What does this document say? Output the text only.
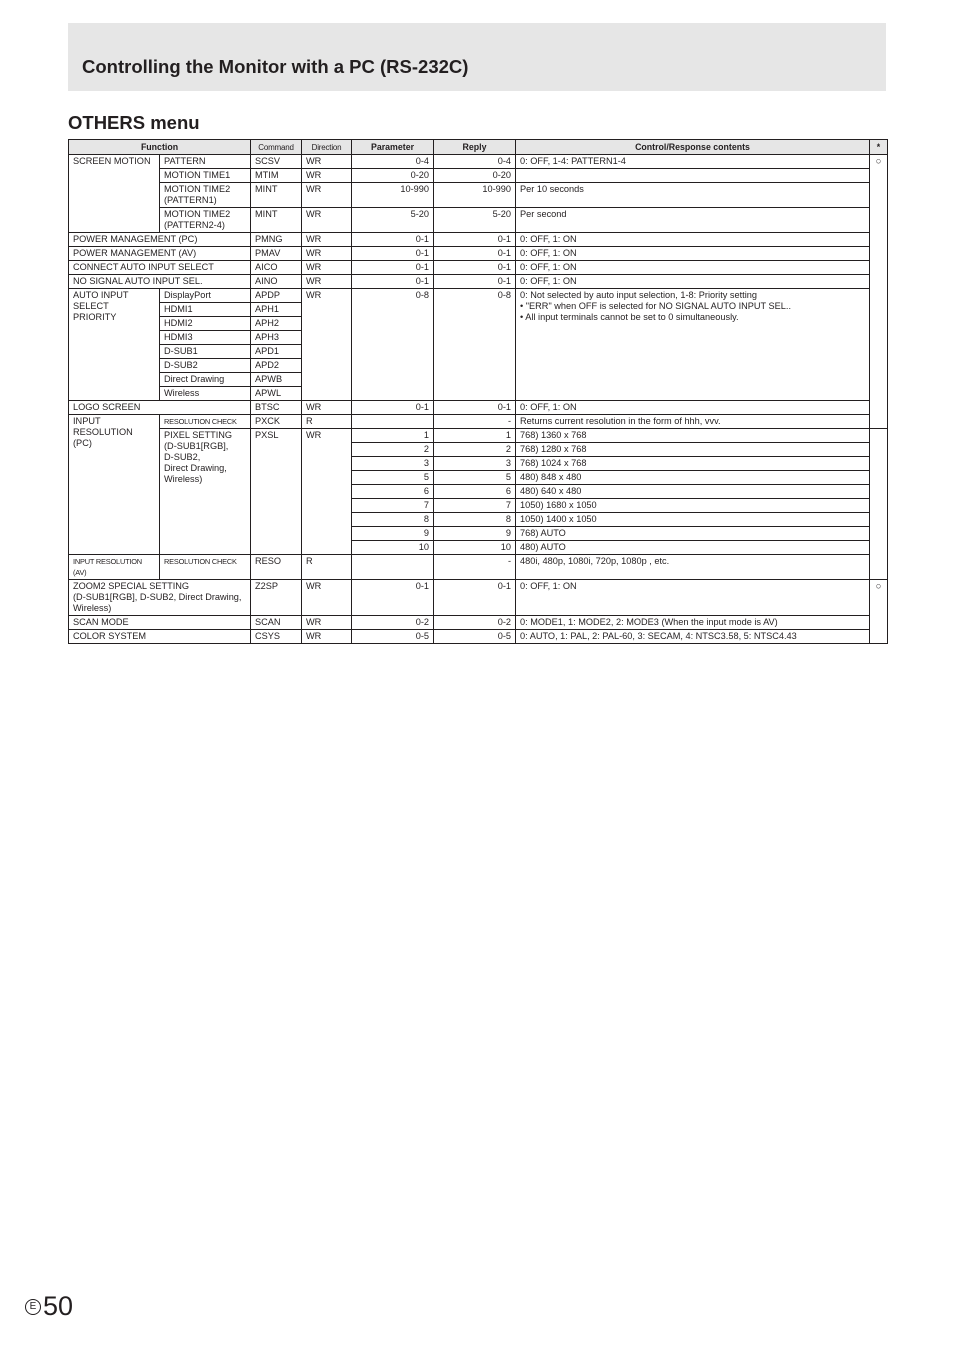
Controlling the Monitor with a PC (RS-232C)
OTHERS menu
Function		Command	Direction	Parameter	Reply	Control/Response contents	*	
SCREEN MOTION	PATTERN	SCSV	WR	0-4	0-4	0: OFF, 1-4: PATTERN1-4	○	
	MOTION TIME1	MTIM	WR	0-20	0-20			
	MOTION TIME2 (PATTERN1)	MINT	WR	10-990	10-990	Per 10 seconds		
	MOTION TIME2 (PATTERN2-4)	MINT	WR	5-20	5-20	Per second		
POWER MANAGEMENT (PC)		PMNG	WR	0-1	0-1	0: OFF, 1: ON		
POWER MANAGEMENT (AV)		PMAV	WR	0-1	0-1	0: OFF, 1: ON		
CONNECT AUTO INPUT SELECT		AICO	WR	0-1	0-1	0: OFF, 1: ON		
NO SIGNAL AUTO INPUT SEL.		AINO	WR	0-1	0-1	0: OFF, 1: ON		
AUTO INPUT SELECT PRIORITY	DisplayPort	APDP	WR	0-8	0-8	0: Not selected by auto input selection, 1-8: Priority setting
• "ERR" when OFF is selected for NO SIGNAL AUTO INPUT SEL..
• All input terminals cannot be set to 0 simultaneously.		

	HDMI1	APH1						
	HDMI2	APH2						
	HDMI3	APH3						
	D-SUB1	APD1						
	D-SUB2	APD2						
	Direct Drawing	APWB						
	Wireless	APWL						
LOGO SCREEN		BTSC	WR	0-1	0-1	0: OFF, 1: ON		
INPUT RESOLUTION (PC)	RESOLUTION CHECK	PXCK	R		-	Returns current resolution in the form of hhh, vvv.	

	PIXEL SETTING
(D-SUB1[RGB],
D-SUB2,
Direct Drawing,
Wireless)	PXSL	WR	1	1	768) 1360 x 768		
				2	2	768) 1280 x 768		
				3	3	768) 1024 x 768		
				5	5	480) 848 x 480		
				6	6	480) 640 x 480		
				7	7	1050) 1680 x 1050		
				8	8	1050) 1400 x 1050		
				9	9	768) AUTO		
				10	10	480) AUTO		
INPUT RESOLUTION (AV)	RESOLUTION CHECK	RESO	R		-	480i, 480p, 1080i, 720p, 1080p , etc.		

ZOOM2 SPECIAL SETTING
(D-SUB1[RGB], D-SUB2, Direct Drawing,
Wireless)		Z2SP	WR	0-1	0-1	0: OFF, 1: ON	○	
SCAN MODE		SCAN	WR	0-2	0-2	0: MODE1, 1: MODE2, 2: MODE3 (When the input mode is AV)		
COLOR SYSTEM		CSYS	WR	0-5	0-5	0: AUTO, 1: PAL, 2: PAL-60, 3: SECAM, 4: NTSC3.58, 5: NTSC4.43		
E 50
